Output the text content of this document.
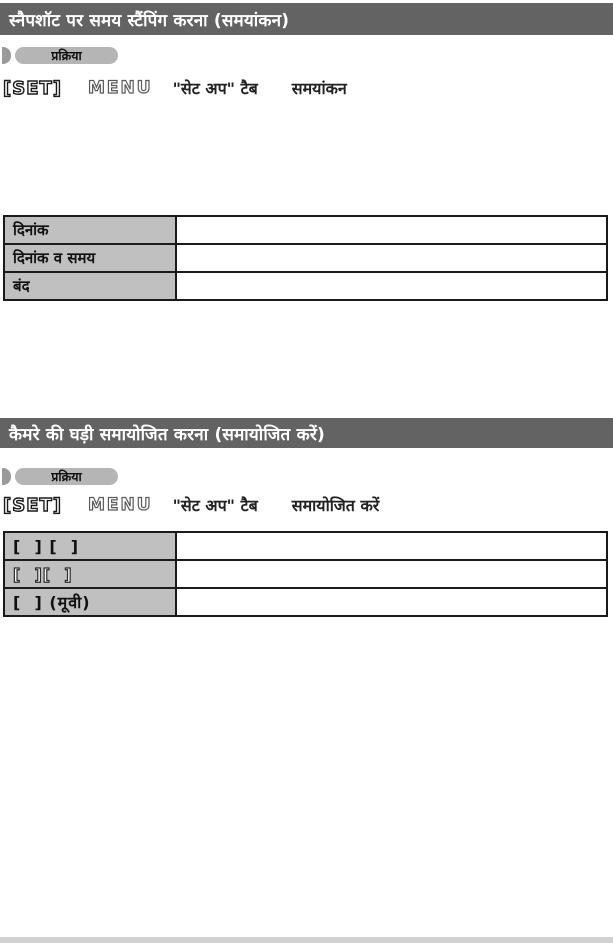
स्नैपशॉट पर समय स्टैंपिंग करना (समयांकन)
प्रक्रिया
[SET] MENU "सेट अप" टैब समयांकन
दिनांक	
दिनांक व समय	
बंद	
कैमरे की घड़ी समायोजित करना (समायोजित करें)
प्रक्रिया
[SET] MENU "सेट अप" टैब समायोजित करें
[  ] [  ]	
[  ][  ]	
[  ] (मूवी)	
